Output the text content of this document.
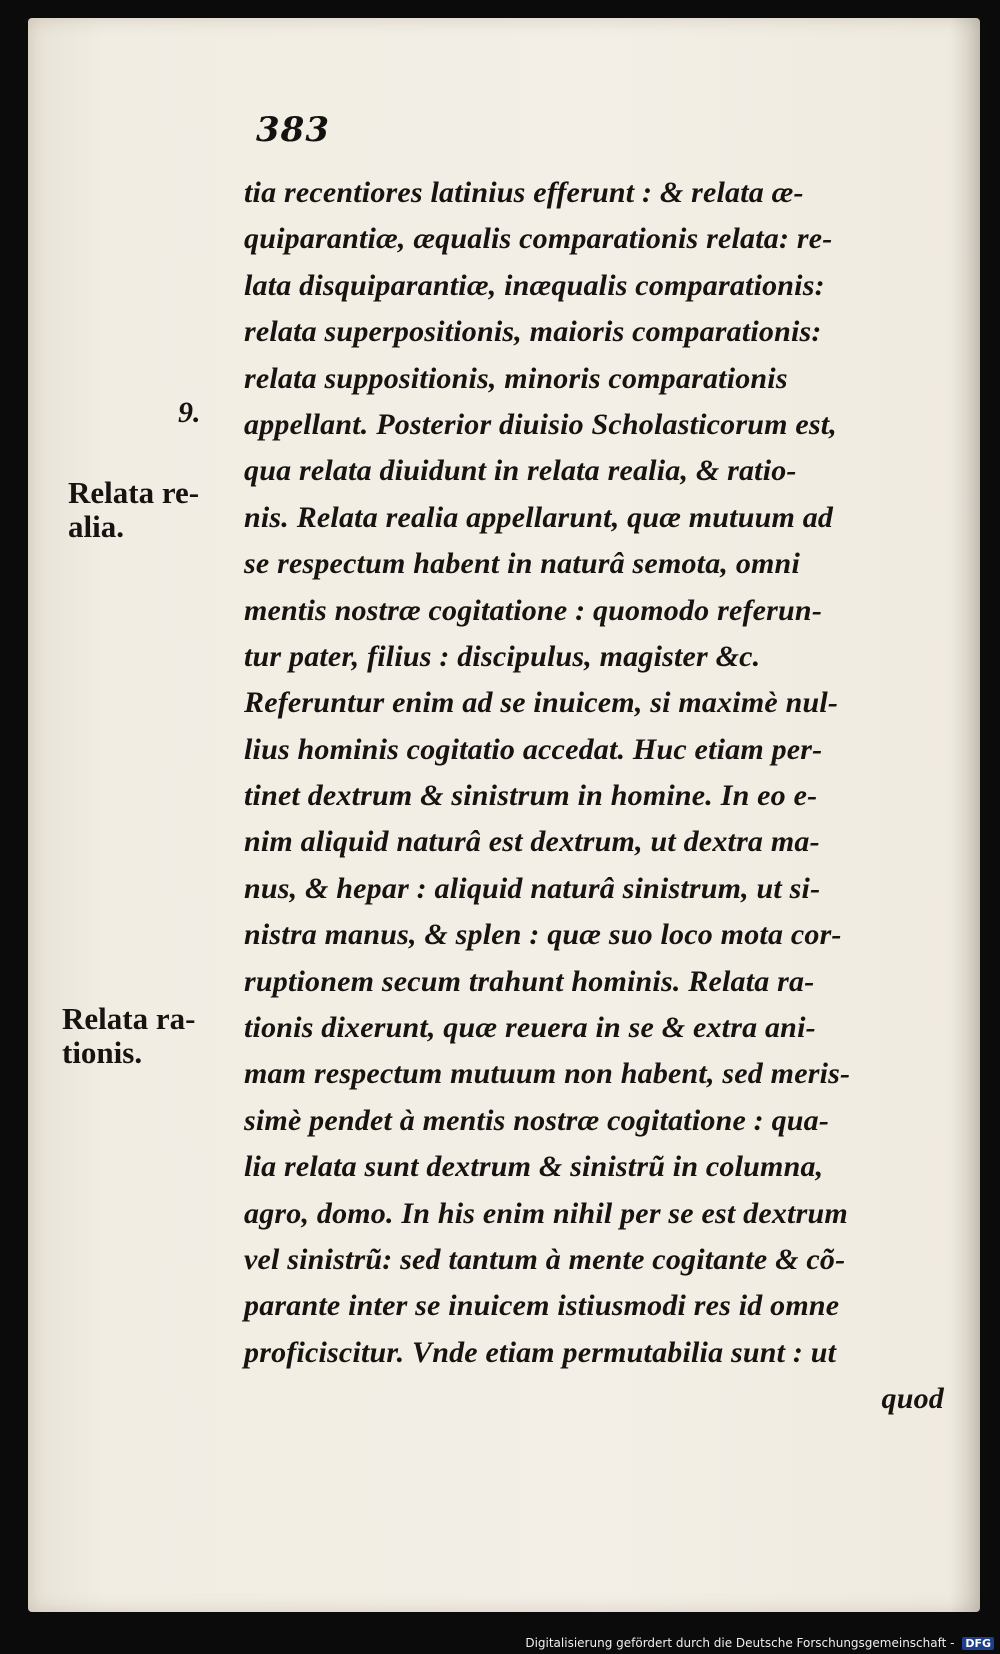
383
9.
Relata re-
alia.
Relata ra-
tionis.
tia recentiores latinius efferunt : & relata æ-
quiparantiæ, æqualis comparationis relata: re-
lata disquiparantiæ, inæqualis comparationis:
relata superpositionis, maioris comparationis:
relata suppositionis, minoris comparationis
appellant. Posterior diuisio Scholasticorum est,
qua relata diuidunt in relata realia, & ratio-
nis. Relata realia appellarunt, quæ mutuum ad
se respectum habent in naturâ semota, omni
mentis nostræ cogitatione : quomodo referun-
tur pater, filius : discipulus, magister &c.
Referuntur enim ad se inuicem, si maximè nul-
lius hominis cogitatio accedat. Huc etiam per-
tinet dextrum & sinistrum in homine. In eo e-
nim aliquid naturâ est dextrum, ut dextra ma-
nus, & hepar : aliquid naturâ sinistrum, ut si-
nistra manus, & splen : quæ suo loco mota cor-
ruptionem secum trahunt hominis. Relata ra-
tionis dixerunt, quæ reuera in se & extra ani-
mam respectum mutuum non habent, sed meris-
simè pendet à mentis nostræ cogitatione : qua-
lia relata sunt dextrum & sinistrũ in columna,
agro, domo. In his enim nihil per se est dextrum
vel sinistrũ: sed tantum à mente cogitante & cõ-
parante inter se inuicem istiusmodi res id omne
proficiscitur. Vnde etiam permutabilia sunt : ut
quod
Digitalisierung gefördert durch die Deutsche Forschungsgemeinschaft - DFG
